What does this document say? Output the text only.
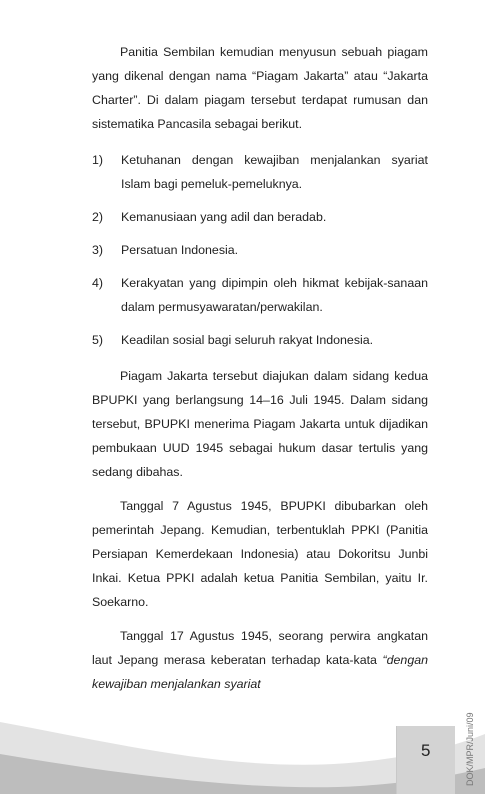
Panitia Sembilan kemudian menyusun sebuah piagam yang dikenal dengan nama “Piagam Jakarta” atau “Jakarta Charter”. Di dalam piagam tersebut terdapat rumusan dan sistematika Pancasila sebagai berikut.

1) Ketuhanan dengan kewajiban menjalankan syariat Islam bagi pemeluk-pemeluknya.
2) Kemanusiaan yang adil dan beradab.
3) Persatuan Indonesia.
4) Kerakyatan yang dipimpin oleh hikmat kebijak-sanaan dalam permusyawaratan/perwakilan.
5) Keadilan sosial bagi seluruh rakyat Indonesia.

Piagam Jakarta tersebut diajukan dalam sidang kedua BPUPKI yang berlangsung 14–16 Juli 1945. Dalam sidang tersebut, BPUPKI menerima Piagam Jakarta untuk dijadikan pembukaan UUD 1945 sebagai hukum dasar tertulis yang sedang dibahas.

Tanggal 7 Agustus 1945, BPUPKI dibubarkan oleh pemerintah Jepang. Kemudian, terbentuklah PPKI (Panitia Persiapan Kemerdekaan Indonesia) atau Dokoritsu Junbi Inkai. Ketua PPKI adalah ketua Panitia Sembilan, yaitu Ir. Soekarno.

Tanggal 17 Agustus 1945, seorang perwira angkatan laut Jepang merasa keberatan terhadap kata-kata “dengan kewajiban menjalankan syariat

5	DOK/MPR/Juni/09
